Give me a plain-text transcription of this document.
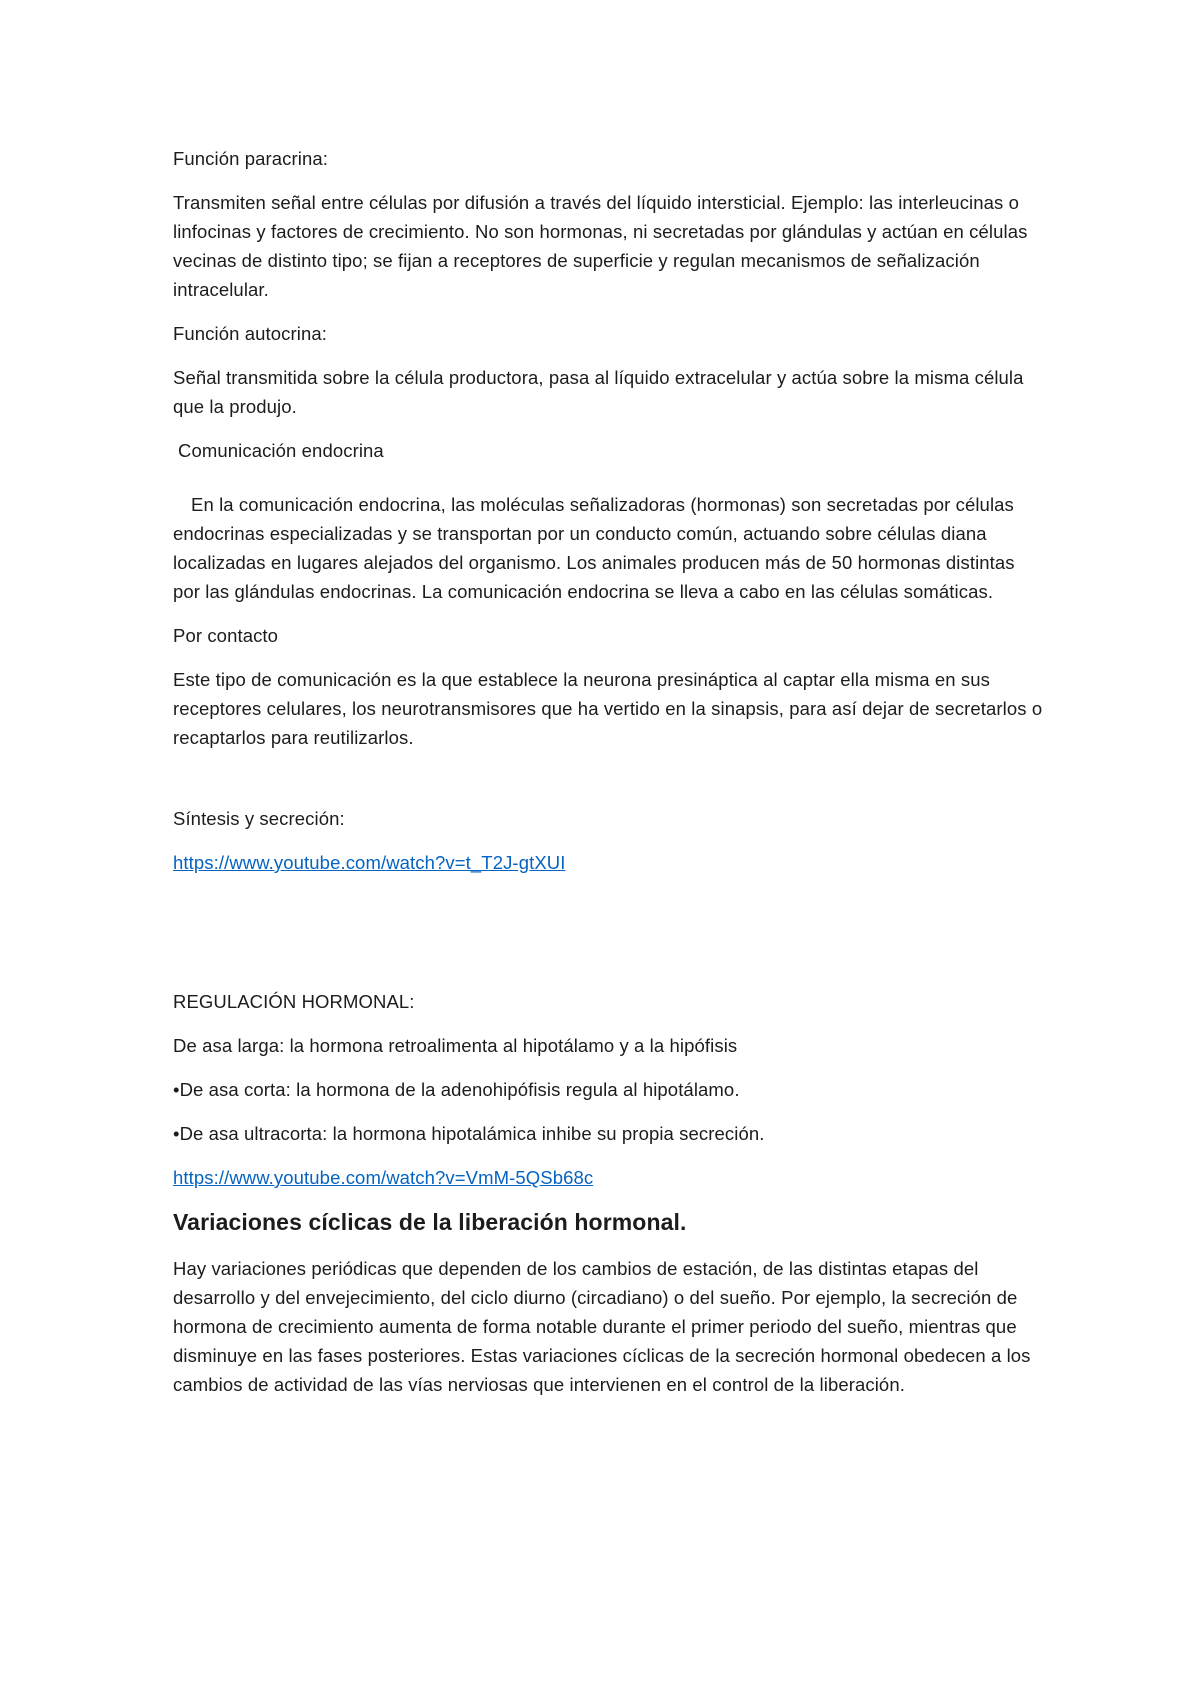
Función paracrina:

Transmiten señal entre células por difusión a través del líquido intersticial. Ejemplo: las interleucinas o linfocinas y factores de crecimiento. No son hormonas, ni secretadas por glándulas y actúan en células vecinas de distinto tipo; se fijan a receptores de superficie y regulan mecanismos de señalización intracelular.

Función autocrina:

Señal transmitida sobre la célula productora, pasa al líquido extracelular y actúa sobre la misma célula que la produjo.

Comunicación endocrina

En la comunicación endocrina, las moléculas señalizadoras (hormonas) son secretadas por células endocrinas especializadas y se transportan por un conducto común, actuando sobre células diana localizadas en lugares alejados del organismo. Los animales producen más de 50 hormonas distintas por las glándulas endocrinas. La comunicación endocrina se lleva a cabo en las células somáticas.

Por contacto

Este tipo de comunicación es la que establece la neurona presináptica al captar ella misma en sus receptores celulares, los neurotransmisores que ha vertido en la sinapsis, para así dejar de secretarlos o recaptarlos para reutilizarlos.

Síntesis y secreción:

https://www.youtube.com/watch?v=t_T2J-gtXUI

REGULACIÓN HORMONAL:

De asa larga: la hormona retroalimenta al hipotálamo y a la hipófisis

•De asa corta: la hormona de la adenohipófisis regula al hipotálamo.

•De asa ultracorta: la hormona hipotalámica inhibe su propia secreción.

https://www.youtube.com/watch?v=VmM-5QSb68c

Variaciones cíclicas de la liberación hormonal.

Hay variaciones periódicas que dependen de los cambios de estación, de las distintas etapas del desarrollo y del envejecimiento, del ciclo diurno (circadiano) o del sueño. Por ejemplo, la secreción de hormona de crecimiento aumenta de forma notable durante el primer periodo del sueño, mientras que disminuye en las fases posteriores. Estas variaciones cíclicas de la secreción hormonal obedecen a los cambios de actividad de las vías nerviosas que intervienen en el control de la liberación.
